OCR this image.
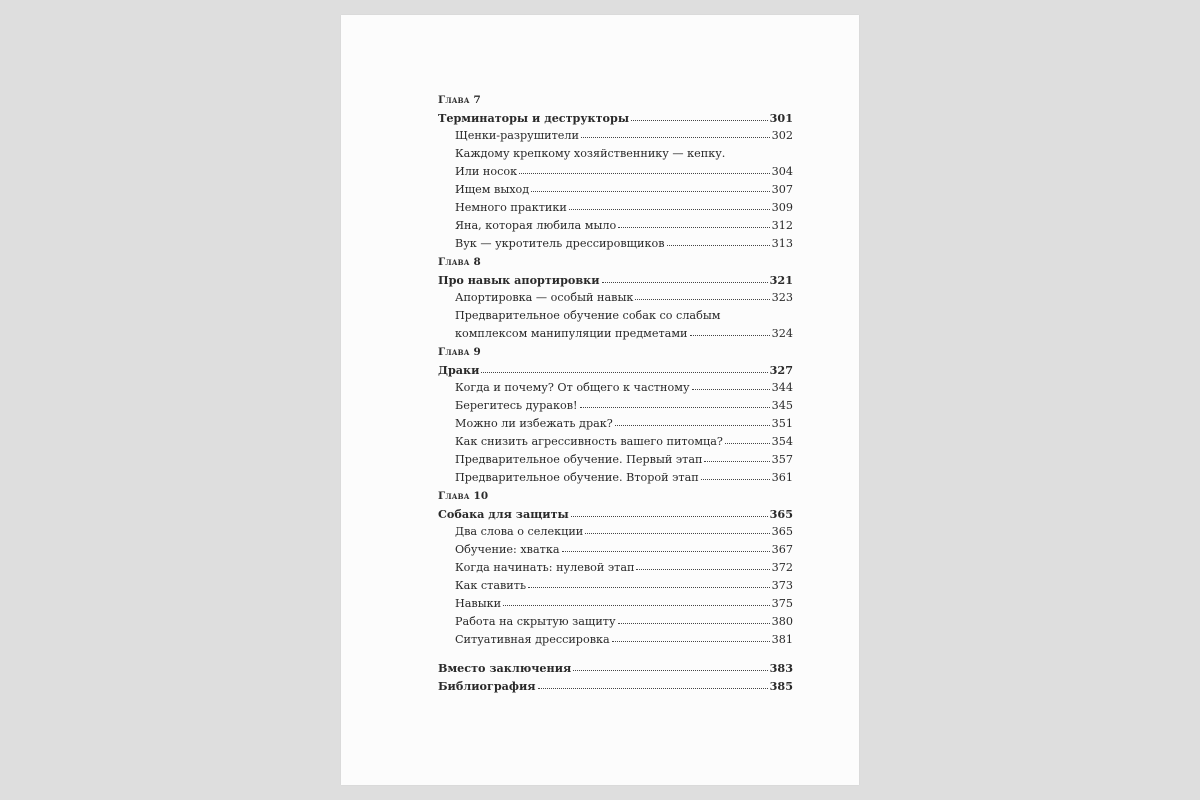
Глава 7
Терминаторы и деструкторы	301
Щенки-разрушители	302
Каждому крепкому хозяйственнику — кепку.
Или носок	304
Ищем выход	307
Немного практики	309
Яна, которая любила мыло	312
Вук — укротитель дрессировщиков	313
Глава 8
Про навык апортировки	321
Апортировка — особый навык	323
Предварительное обучение собак со слабым
комплексом манипуляции предметами	324
Глава 9
Драки	327
Когда и почему? От общего к частному	344
Берегитесь дураков!	345
Можно ли избежать драк?	351
Как снизить агрессивность вашего питомца?	354
Предварительное обучение. Первый этап	357
Предварительное обучение. Второй этап	361
Глава 10
Собака для защиты	365
Два слова о селекции	365
Обучение: хватка	367
Когда начинать: нулевой этап	372
Как ставить	373
Навыки	375
Работа на скрытую защиту	380
Ситуативная дрессировка	381
Вместо заключения	383
Библиография	385
